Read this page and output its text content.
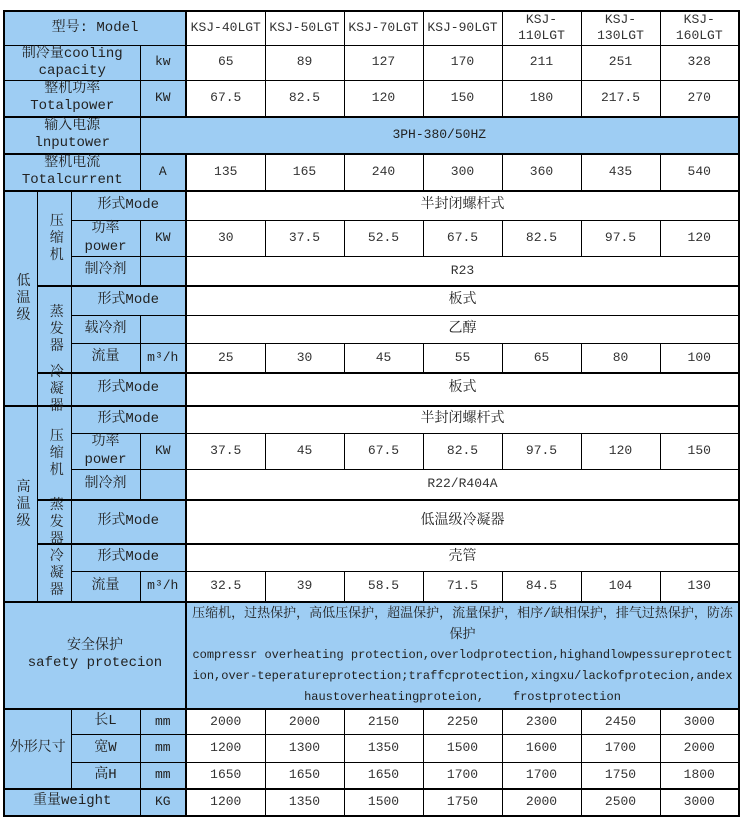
型号: Model				KSJ-40LGT	KSJ-50LGT	KSJ-70LGT	KSJ-90LGT	KSJ-110LGT	KSJ-130LGT	KSJ-160LGT

制冷量cooling
capacity			kw	65	89	127	170	211	251	328
整机功率Totalpower			KW	67.5	82.5	120	150	180	217.5	270
输入电源lnputower			3PH-380/50HZ							
整机电流Totalcurrent			A	135	165	240	300	360	435	540

低温级	压缩机	形式Mode		半封闭螺杆式						
		功率power	KW	30	37.5	52.5	67.5	82.5	97.5	120
		制冷剂		R23						

	蒸发器	形式Mode		板式						
		载冷剂		乙醇						
		流量	m³/h	25	30	45	55	65	80	100

	冷凝器	形式Mode		板式						

高温级	压缩机	形式Mode		半封闭螺杆式						
		功率power	KW	37.5	45	67.5	82.5	97.5	120	150
		制冷剂		R22/R404A						

	蒸发器	形式Mode		低温级冷凝器						

	冷凝器	形式Mode		壳管						
		流量	m³/h	32.5	39	58.5	71.5	84.5	104	130

安全保护
safety protecion

压缩机，过热保护，高低压保护，超温保护，流量保护，相序/缺相保护，排气过热保护，防冻保护
compressr overheating protection,overlodprotection,highandlowpessureprotection,over-teperatureprotection;traffcprotection,xingxu/lackofprotecion,andexhaustoverheatingproteion,    frostprotection

外形尺寸		长L	mm	2000	2000	2150	2250	2300	2450	3000
		宽W	mm	1200	1300	1350	1500	1600	1700	2000
		高H	mm	1650	1650	1650	1700	1700	1750	1800
重量weight			KG	1200	1350	1500	1750	2000	2500	3000
